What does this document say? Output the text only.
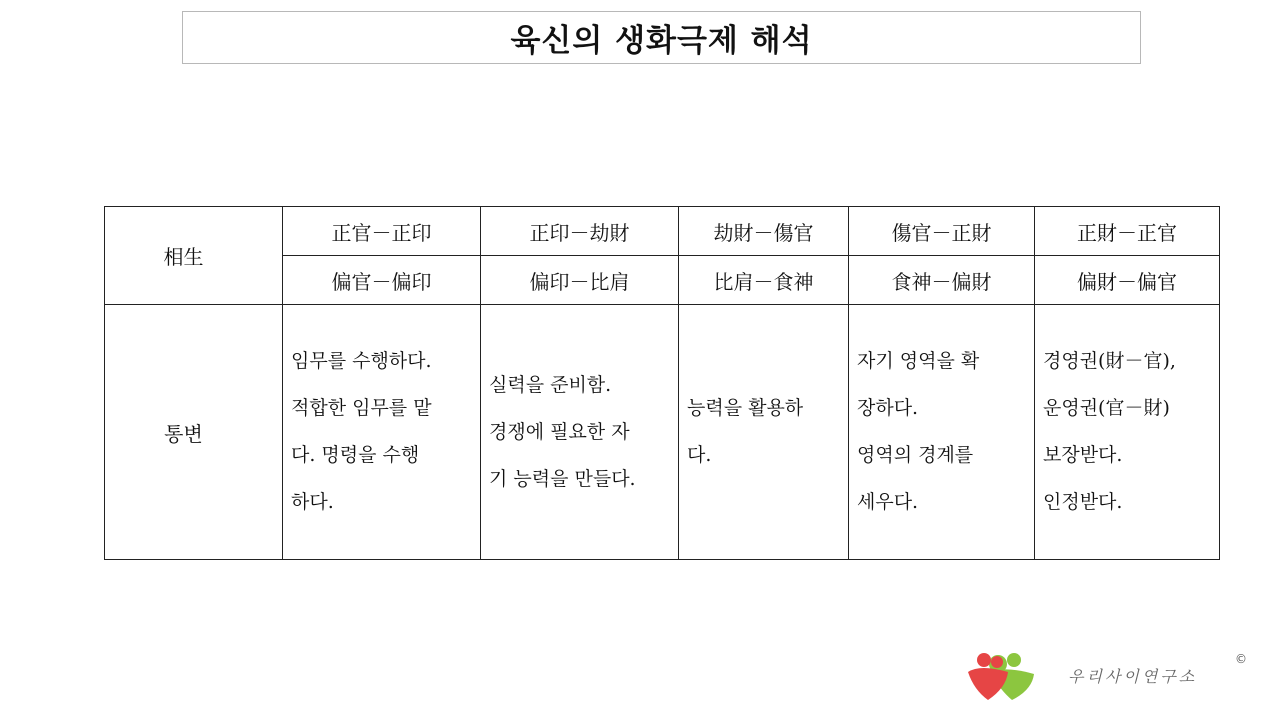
육신의 생화극제 해석
相生	正官－正印	正印－劫財	劫財－傷官	傷官－正財	正財－正官
	偏官－偏印	偏印－比肩	比肩－食神	食神－偏財	偏財－偏官
통변	임무를 수행하다.
적합한 임무를 맡
다. 명령을 수행
하다.	실력을 준비함.
경쟁에 필요한 자
기 능력을 만들다.	능력을 활용하
다.	자기 영역을 확
장하다.
영역의 경계를
세우다.	경영권(財－官),
운영권(官－財)
보장받다.
인정받다.
우리사이연구소
©
